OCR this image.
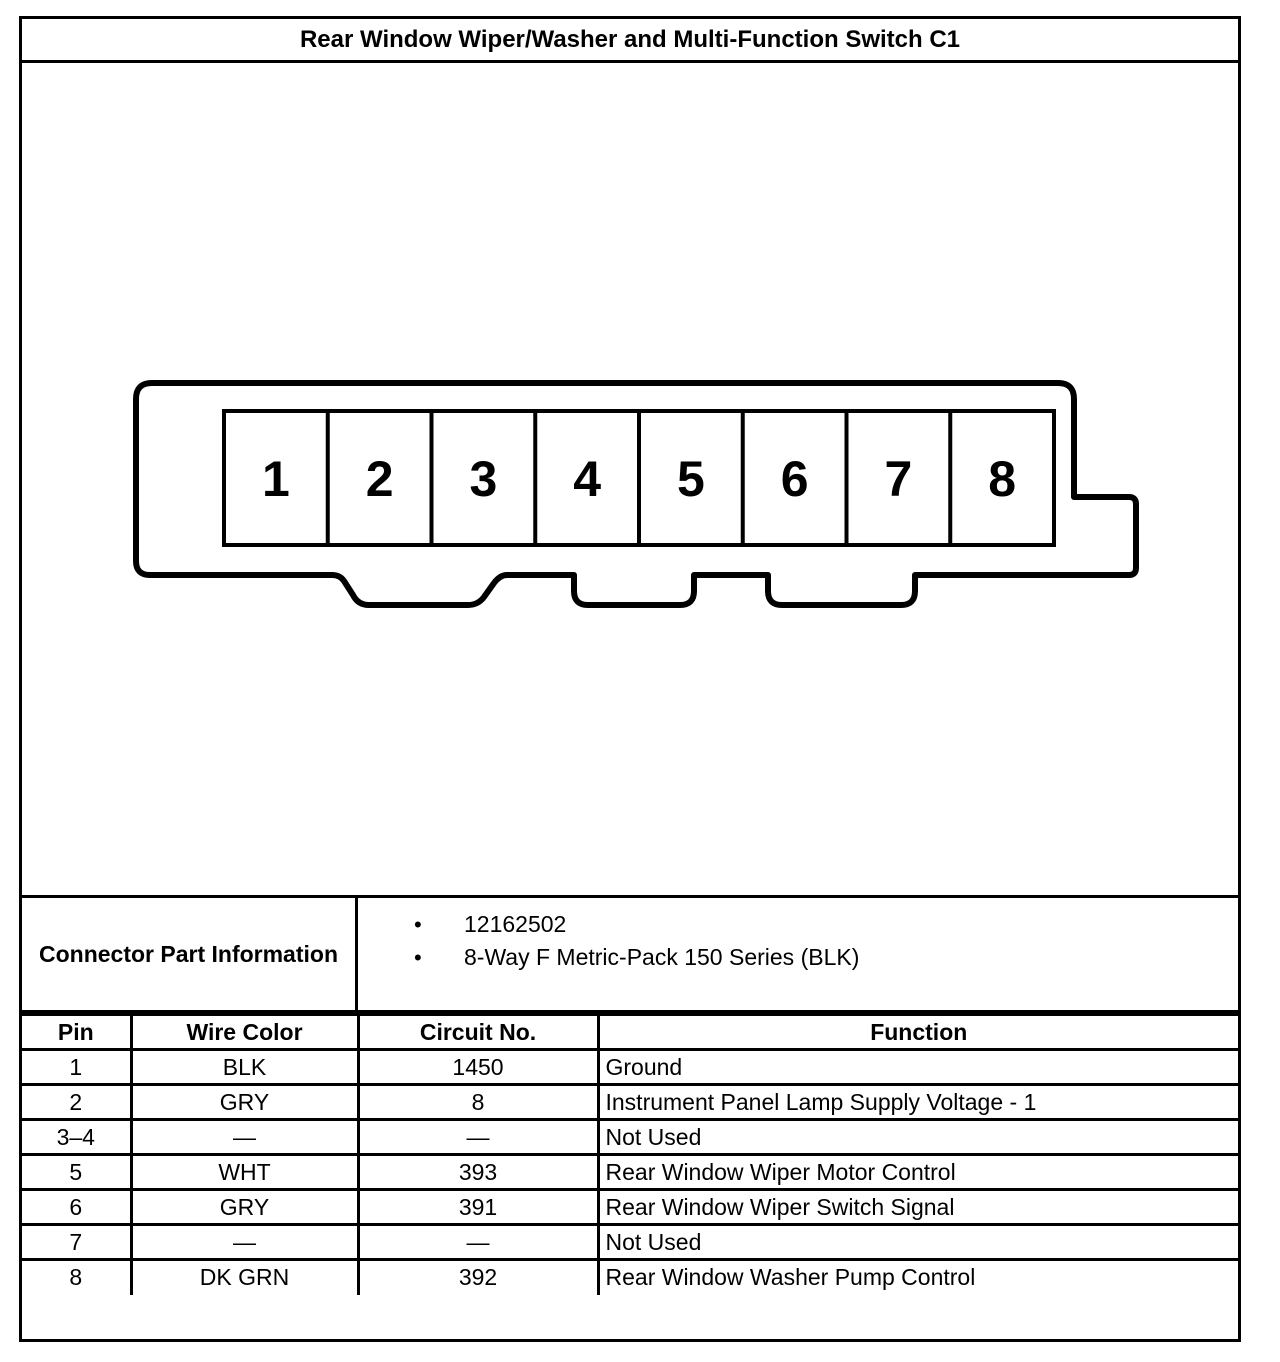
Rear Window Wiper/Washer and Multi-Function Switch C1
1 2 3 4 5 6 7 8
Connector Part Information
• 12162502
• 8-Way F Metric-Pack 150 Series (BLK)
Pin	Wire Color	Circuit No.	Function
1	BLK	1450	Ground
2	GRY	8	Instrument Panel Lamp Supply Voltage - 1
3–4	—	—	Not Used
5	WHT	393	Rear Window Wiper Motor Control
6	GRY	391	Rear Window Wiper Switch Signal
7	—	—	Not Used
8	DK GRN	392	Rear Window Washer Pump Control
